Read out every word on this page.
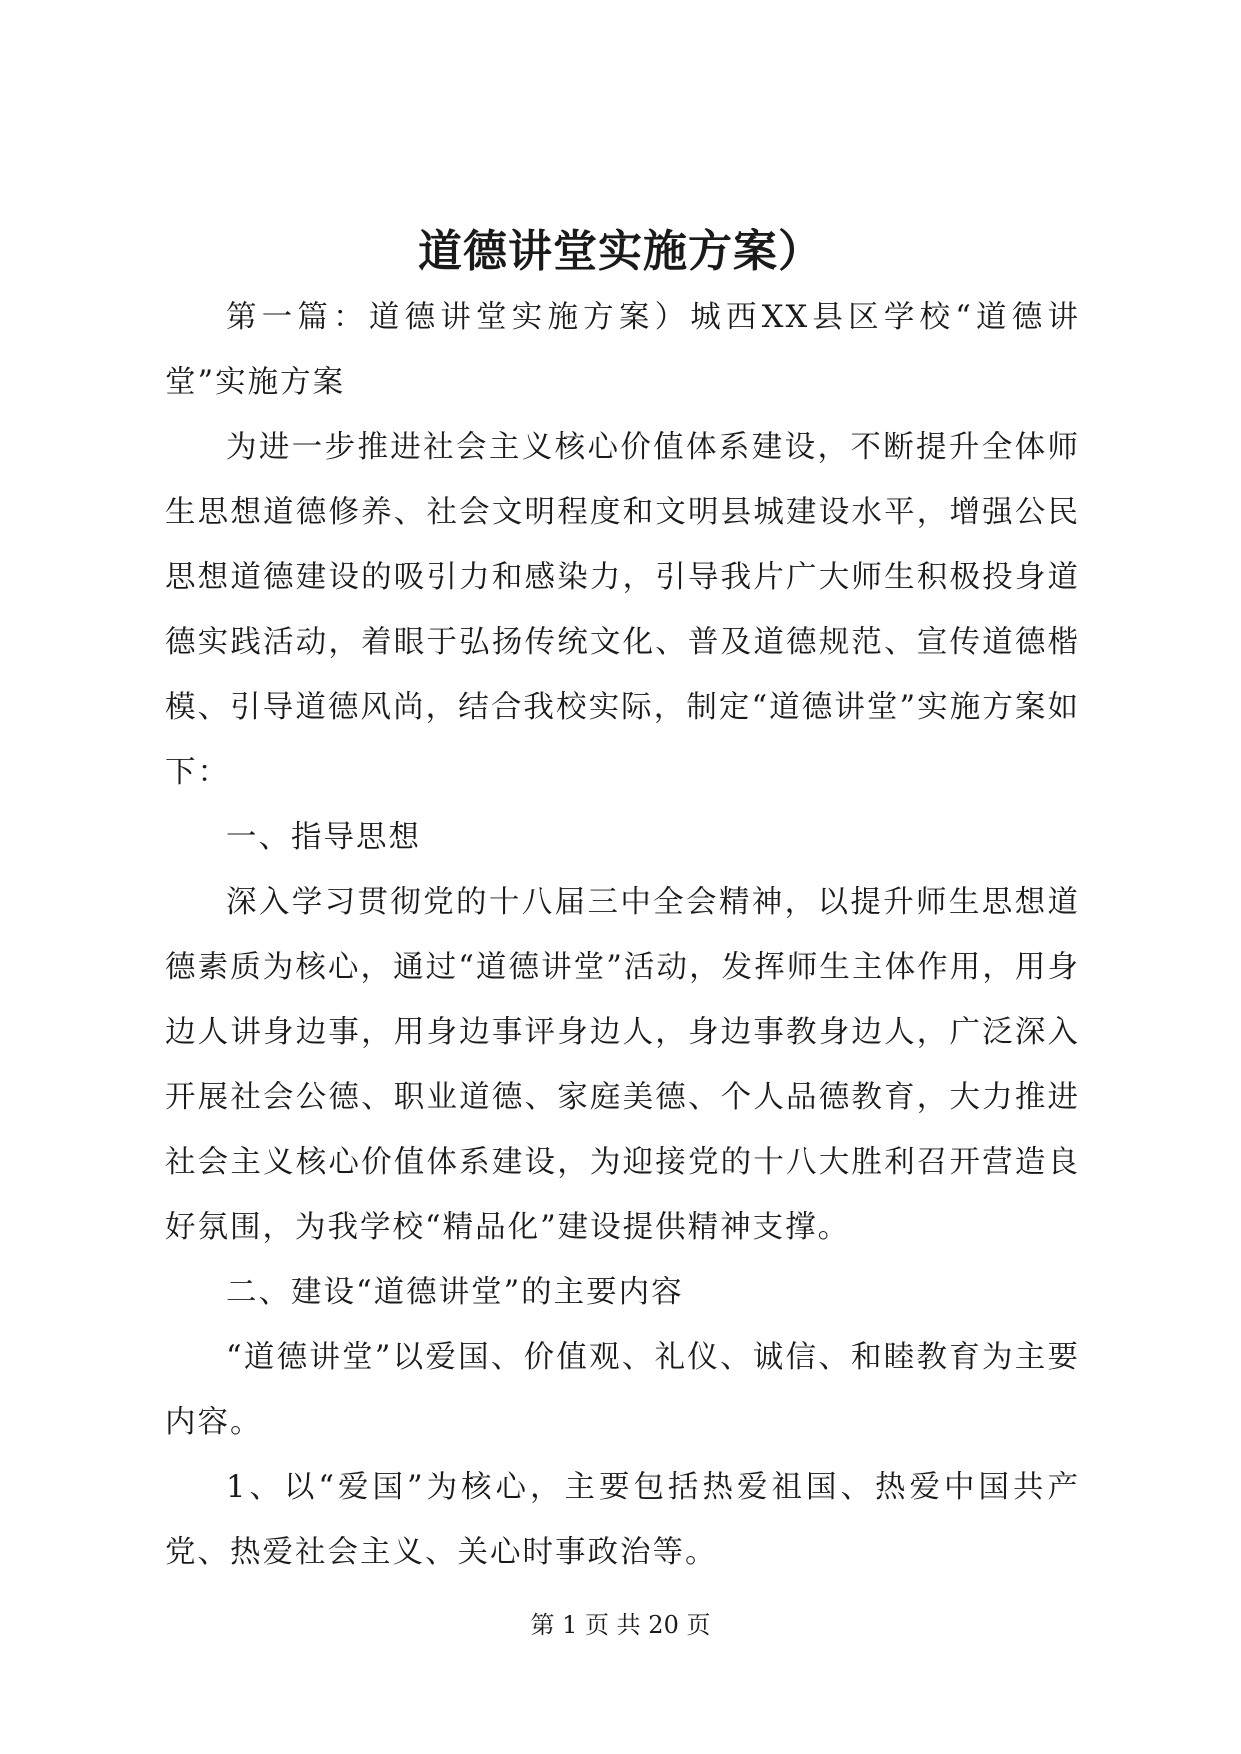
道德讲堂实施方案）

第一篇：道德讲堂实施方案）城西XX县区学校“道德讲堂”实施方案

为进一步推进社会主义核心价值体系建设，不断提升全体师生思想道德修养、社会文明程度和文明县城建设水平，增强公民思想道德建设的吸引力和感染力，引导我片广大师生积极投身道德实践活动，着眼于弘扬传统文化、普及道德规范、宣传道德楷模、引导道德风尚，结合我校实际，制定“道德讲堂”实施方案如下：

一、指导思想

深入学习贯彻党的十八届三中全会精神，以提升师生思想道德素质为核心，通过“道德讲堂”活动，发挥师生主体作用，用身边人讲身边事，用身边事评身边人，身边事教身边人，广泛深入开展社会公德、职业道德、家庭美德、个人品德教育，大力推进社会主义核心价值体系建设，为迎接党的十八大胜利召开营造良好氛围，为我学校“精品化”建设提供精神支撑。

二、建设“道德讲堂”的主要内容

“道德讲堂”以爱国、价值观、礼仪、诚信、和睦教育为主要内容。

1、以“爱国”为核心，主要包括热爱祖国、热爱中国共产党、热爱社会主义、关心时事政治等。

第 1 页 共 20 页
